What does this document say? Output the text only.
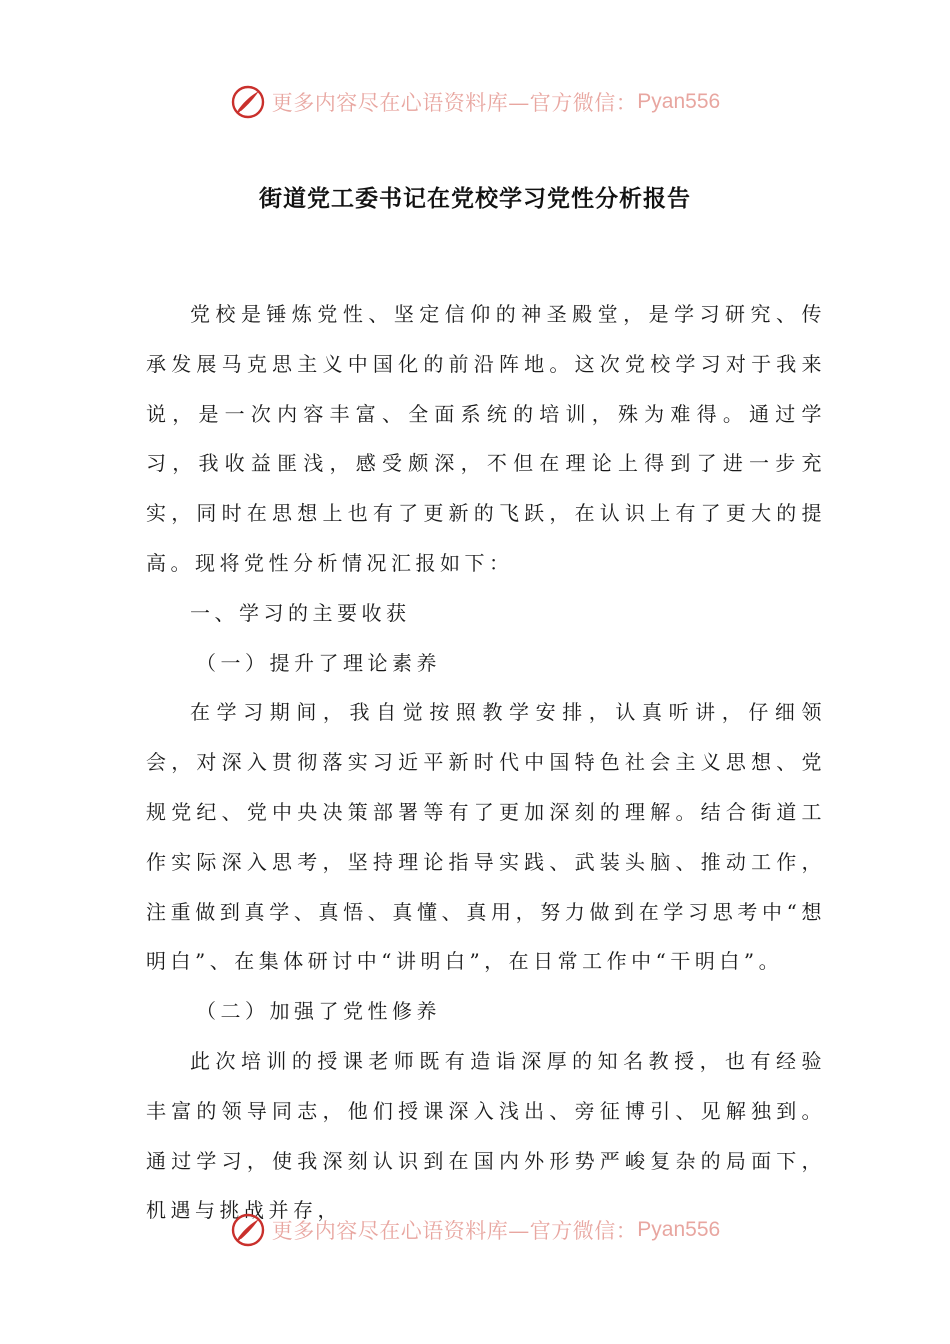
更多内容尽在心语资料库—官方微信： Pyan556
街道党工委书记在党校学习党性分析报告

党校是锤炼党性、坚定信仰的神圣殿堂，是学习研究、传承发展马克思主义中国化的前沿阵地。这次党校学习对于我来说，是一次内容丰富、全面系统的培训，殊为难得。通过学习，我收益匪浅，感受颇深，不但在理论上得到了进一步充实，同时在思想上也有了更新的飞跃，在认识上有了更大的提高。现将党性分析情况汇报如下：

一、学习的主要收获

（一）提升了理论素养

在学习期间，我自觉按照教学安排，认真听讲，仔细领会，对深入贯彻落实习近平新时代中国特色社会主义思想、党规党纪、党中央决策部署等有了更加深刻的理解。结合街道工作实际深入思考，坚持理论指导实践、武装头脑、推动工作，注重做到真学、真悟、真懂、真用，努力做到在学习思考中“想明白”、在集体研讨中“讲明白”，在日常工作中“干明白”。

（二）加强了党性修养

此次培训的授课老师既有造诣深厚的知名教授，也有经验丰富的领导同志，他们授课深入浅出、旁征博引、见解独到。通过学习，使我深刻认识到在国内外形势严峻复杂的局面下，机遇与挑战并存，

更多内容尽在心语资料库—官方微信： Pyan556
